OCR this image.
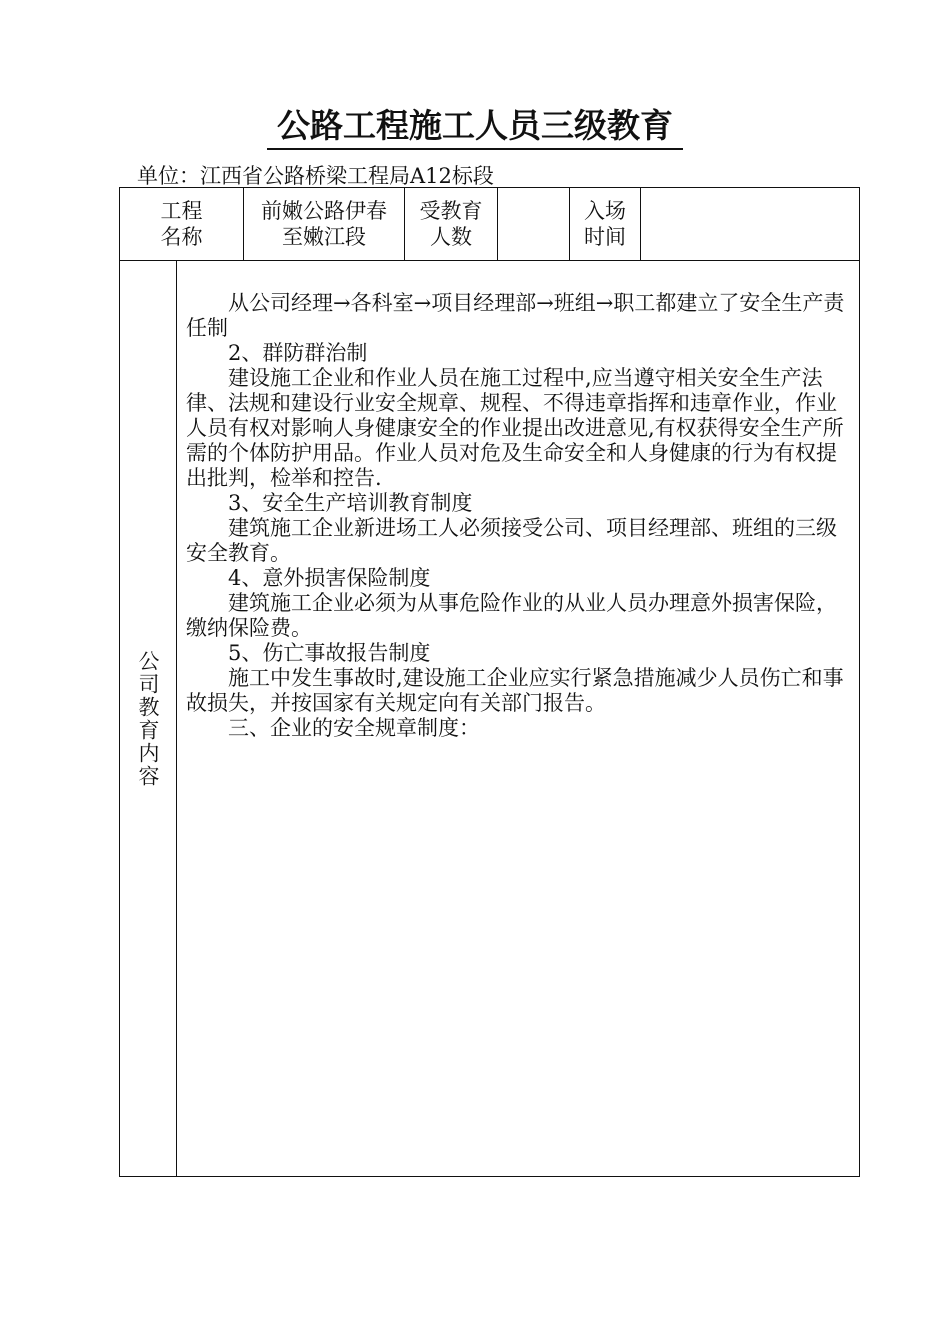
公路工程施工人员三级教育
单位：江西省公路桥梁工程局A12标段
工程
名称
前嫩公路伊春
至嫩江段
受教育
人数
入场
时间
公司教育内容

从公司经理→各科室→项目经理部→班组→职工都建立了安全生产责任制

2、群防群治制

建设施工企业和作业人员在施工过程中,应当遵守相关安全生产法律、法规和建设行业安全规章、规程、不得违章指挥和违章作业，作业人员有权对影响人身健康安全的作业提出改进意见,有权获得安全生产所需的个体防护用品。作业人员对危及生命安全和人身健康的行为有权提出批判，检举和控告.

3、安全生产培训教育制度

建筑施工企业新进场工人必须接受公司、项目经理部、班组的三级安全教育。

4、意外损害保险制度

建筑施工企业必须为从事危险作业的从业人员办理意外损害保险，缴纳保险费。

5、伤亡事故报告制度

施工中发生事故时,建设施工企业应实行紧急措施减少人员伤亡和事故损失，并按国家有关规定向有关部门报告。

三、企业的安全规章制度：
